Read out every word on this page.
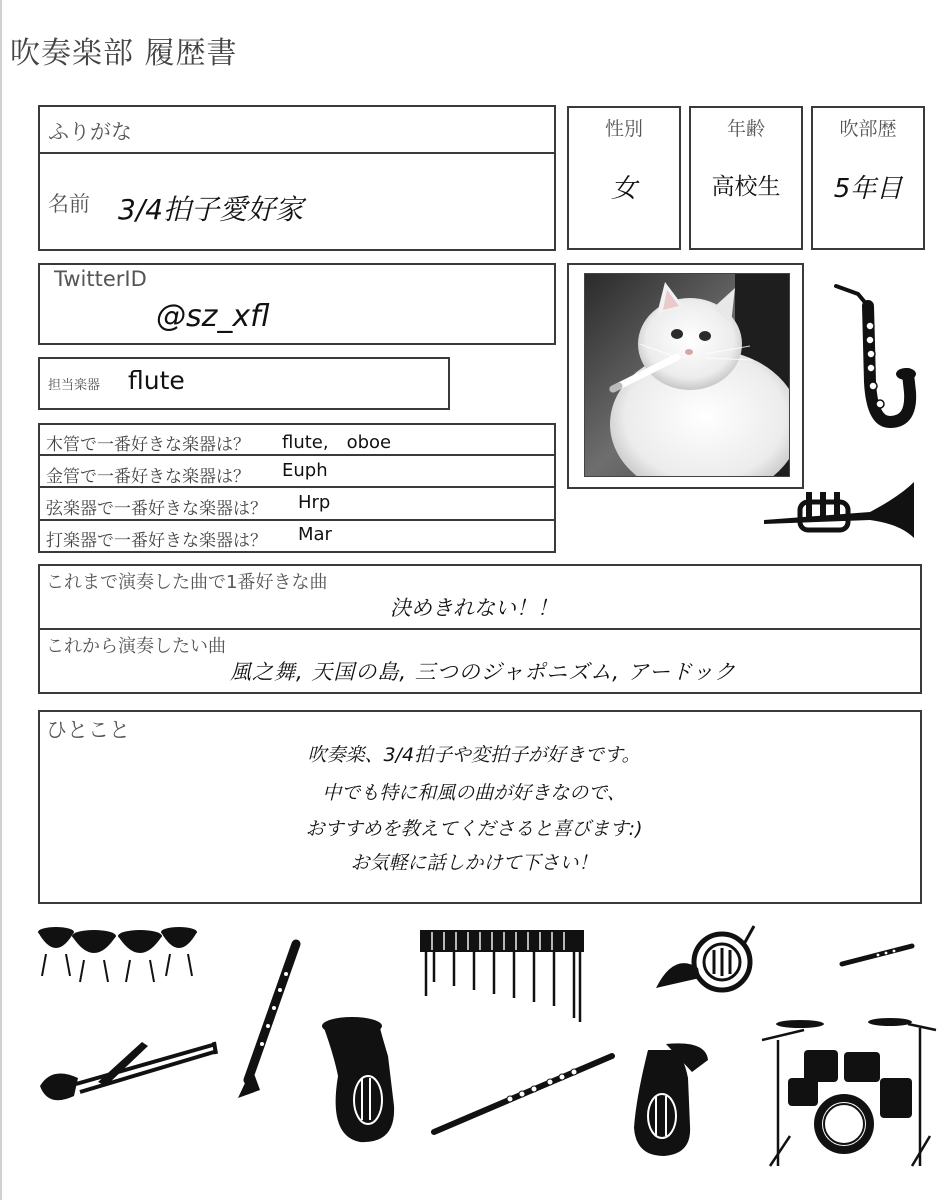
吹奏楽部 履歴書
ふりがな
名前 3/4拍子愛好家
性別
女
年齢
高校生
吹部歴
5年目
TwitterID
@sz_xfl
担当楽器 flute
木管で一番好きな楽器は？ flute,　oboe
金管で一番好きな楽器は？ Euph
弦楽器で一番好きな楽器は？ Hrp
打楽器で一番好きな楽器は？ Mar
これまで演奏した曲で1番好きな曲
決めきれない！！
これから演奏したい曲
風之舞, 天国の島, 三つのジャポニズム, アードック
ひとこと
吹奏楽、3/4拍子や変拍子が好きです。
中でも特に和風の曲が好きなので、
おすすめを教えてくださると喜びます:)
お気軽に話しかけて下さい！
